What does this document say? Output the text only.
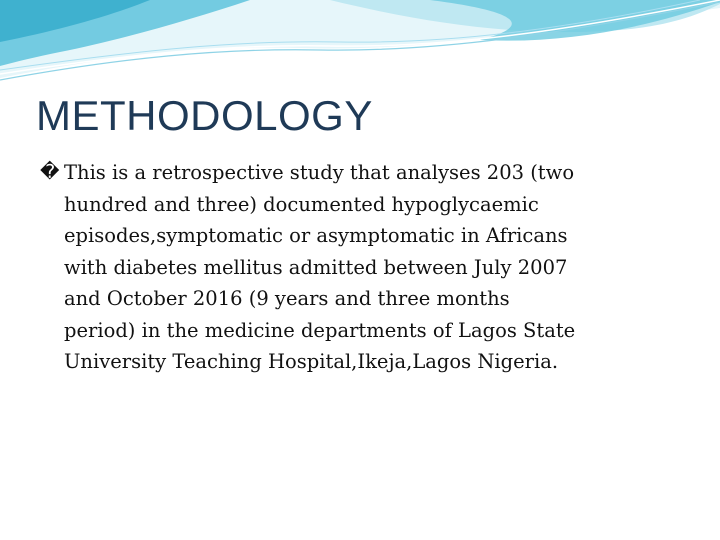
METHODOLOGY
� This is a retrospective study that analyses 203 (two
hundred and three) documented hypoglycaemic
episodes,symptomatic or asymptomatic in Africans
with diabetes mellitus admitted between July 2007
and October 2016 (9 years and three months
period) in the medicine departments of Lagos State
University Teaching Hospital,Ikeja,Lagos Nigeria.
